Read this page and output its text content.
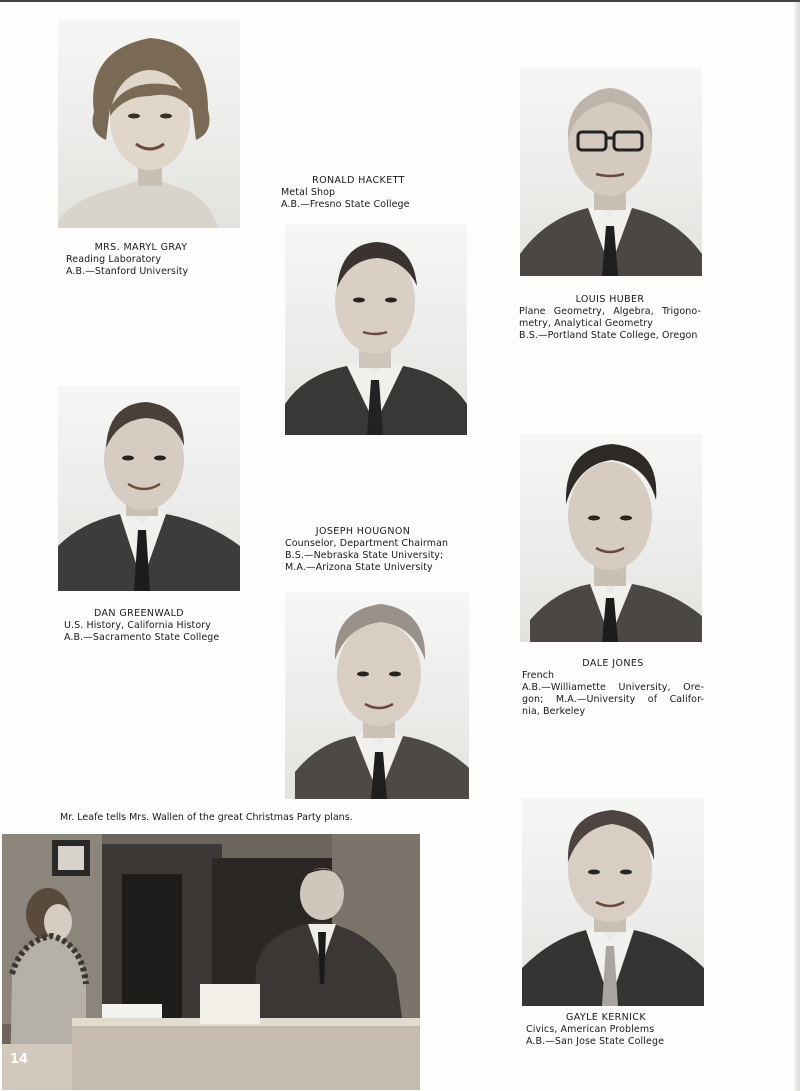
MRS. MARYL GRAY
Reading Laboratory
A.B.—Stanford University
RONALD HACKETT
Metal Shop
A.B.—Fresno State College
LOUIS HUBER
Plane Geometry, Algebra, Trigono-
metry, Analytical Geometry
B.S.—Portland State College, Oregon
DAN GREENWALD
U.S. History, California History
A.B.—Sacramento State College
JOSEPH HOUGNON
Counselor, Department Chairman
B.S.—Nebraska State University;
M.A.—Arizona State University
DALE JONES
French
A.B.—Williamette University, Ore-
gon; M.A.—University of Califor-
nia, Berkeley
Mr. Leafe tells Mrs. Wallen of the great Christmas Party plans.
GAYLE KERNICK
Civics, American Problems
A.B.—San Jose State College
14
